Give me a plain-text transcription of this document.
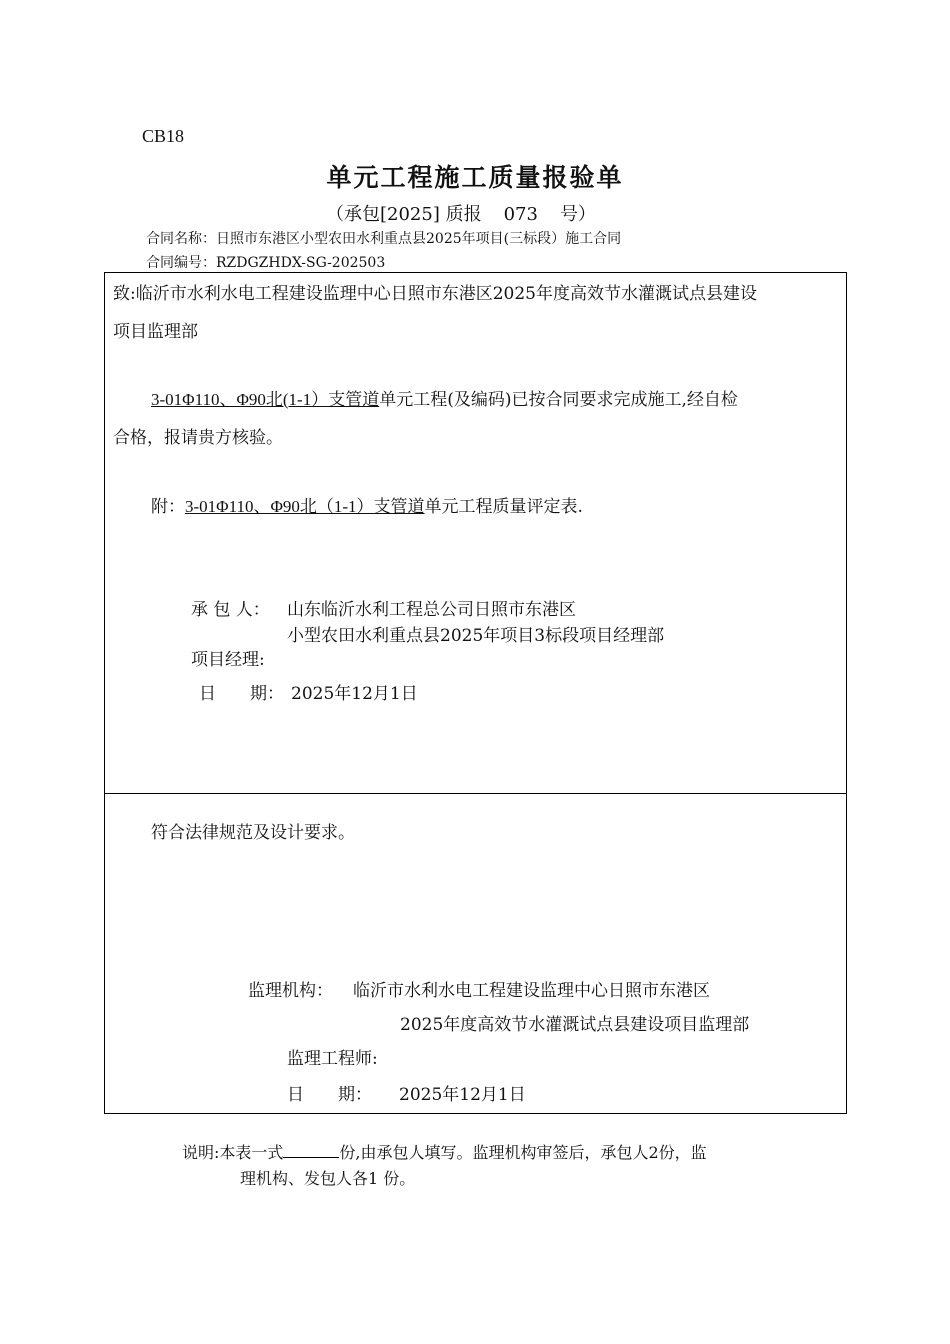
CB18
单元工程施工质量报验单
（承包[2025] 质报 073 号）
合同名称：日照市东港区小型农田水利重点县2025年项目(三标段）施工合同
合同编号：RZDGZHDX-SG-202503
致:临沂市水利水电工程建设监理中心日照市东港区2025年度高效节水灌溉试点县建设
项目监理部
3-01Φ110、Φ90北(1-1）支管道单元工程(及编码)已按合同要求完成施工,经自检
合格，报请贵方核验。
附：3-01Φ110、Φ90北（1-1）支管道单元工程质量评定表.
承 包 人： 山东临沂水利工程总公司日照市东港区
小型农田水利重点县2025年项目3标段项目经理部
项目经理:
日　　期： 2025年12月1日
符合法律规范及设计要求。
监理机构： 临沂市水利水电工程建设监理中心日照市东港区
2025年度高效节水灌溉试点县建设项目监理部
监理工程师:
日　　期： 2025年12月1日
说明:本表一式	份,由承包人填写。监理机构审签后，承包人2份，监
理机构、发包人各1 份。
